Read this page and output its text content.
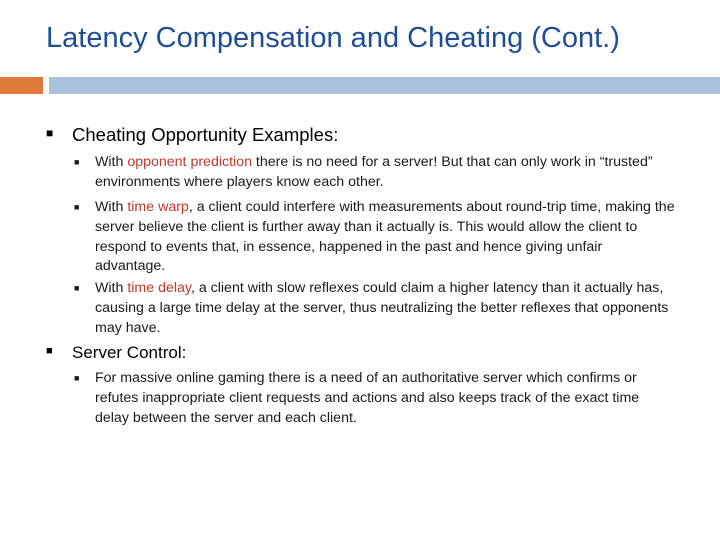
Latency Compensation and Cheating (Cont.)
■ Cheating Opportunity Examples:
■ With opponent prediction there is no need for a server! But that can only work in “trusted” environments where players know each other.
■ With time warp, a client could interfere with measurements about round-trip time, making the server believe the client is further away than it actually is. This would allow the client to respond to events that, in essence, happened in the past and hence giving unfair advantage.
■ With time delay, a client with slow reflexes could claim a higher latency than it actually has, causing a large time delay at the server, thus neutralizing the better reflexes that opponents may have.
■ Server Control:
■ For massive online gaming there is a need of an authoritative server which confirms or refutes inappropriate client requests and actions and also keeps track of the exact time delay between the server and each client.
